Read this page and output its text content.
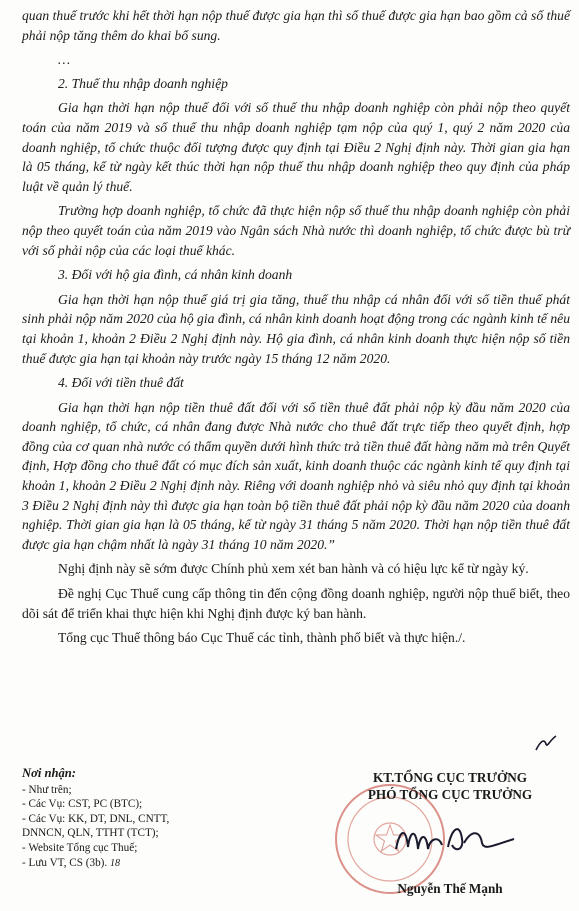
quan thuế trước khi hết thời hạn nộp thuế được gia hạn thì số thuế được gia hạn bao gồm cả số thuế phải nộp tăng thêm do khai bổ sung.

…

2. Thuế thu nhập doanh nghiệp

Gia hạn thời hạn nộp thuế đối với số thuế thu nhập doanh nghiệp còn phải nộp theo quyết toán của năm 2019 và số thuế thu nhập doanh nghiệp tạm nộp của quý 1, quý 2 năm 2020 của doanh nghiệp, tổ chức thuộc đối tượng được quy định tại Điều 2 Nghị định này. Thời gian gia hạn là 05 tháng, kể từ ngày kết thúc thời hạn nộp thuế thu nhập doanh nghiệp theo quy định của pháp luật về quản lý thuế.

Trường hợp doanh nghiệp, tổ chức đã thực hiện nộp số thuế thu nhập doanh nghiệp còn phải nộp theo quyết toán của năm 2019 vào Ngân sách Nhà nước thì doanh nghiệp, tổ chức được bù trừ với số phải nộp của các loại thuế khác.

3. Đối với hộ gia đình, cá nhân kinh doanh

Gia hạn thời hạn nộp thuế giá trị gia tăng, thuế thu nhập cá nhân đối với số tiền thuế phát sinh phải nộp năm 2020 của hộ gia đình, cá nhân kinh doanh hoạt động trong các ngành kinh tế nêu tại khoản 1, khoản 2 Điều 2 Nghị định này. Hộ gia đình, cá nhân kinh doanh thực hiện nộp số tiền thuế được gia hạn tại khoản này trước ngày 15 tháng 12 năm 2020.

4. Đối với tiền thuê đất

Gia hạn thời hạn nộp tiền thuê đất đối với số tiền thuê đất phải nộp kỳ đầu năm 2020 của doanh nghiệp, tổ chức, cá nhân đang được Nhà nước cho thuê đất trực tiếp theo quyết định, hợp đồng của cơ quan nhà nước có thẩm quyền dưới hình thức trả tiền thuê đất hàng năm mà trên Quyết định, Hợp đồng cho thuê đất có mục đích sản xuất, kinh doanh thuộc các ngành kinh tế quy định tại khoản 1, khoản 2 Điều 2 Nghị định này. Riêng với doanh nghiệp nhỏ và siêu nhỏ quy định tại khoản 3 Điều 2 Nghị định này thì được gia hạn toàn bộ tiền thuê đất phải nộp kỳ đầu năm 2020 của doanh nghiệp. Thời gian gia hạn là 05 tháng, kể từ ngày 31 tháng 5 năm 2020. Thời hạn nộp tiền thuê đất được gia hạn chậm nhất là ngày 31 tháng 10 năm 2020.”

Nghị định này sẽ sớm được Chính phủ xem xét ban hành và có hiệu lực kể từ ngày ký.

Đề nghị Cục Thuế cung cấp thông tin đến cộng đồng doanh nghiệp, người nộp thuế biết, theo dõi sát để triển khai thực hiện khi Nghị định được ký ban hành.

Tổng cục Thuế thông báo Cục Thuế các tỉnh, thành phố biết và thực hiện./.

Nơi nhận:
- Như trên;
- Các Vụ: CST, PC (BTC);
- Các Vụ: KK, DT, DNL, CNTT,
DNNCN, QLN, TTHT (TCT);
- Website Tổng cục Thuế;
- Lưu VT, CS (3b). 18
KT.TỔNG CỤC TRƯỞNG
PHÓ TỔNG CỤC TRƯỞNG
Nguyễn Thế Mạnh
